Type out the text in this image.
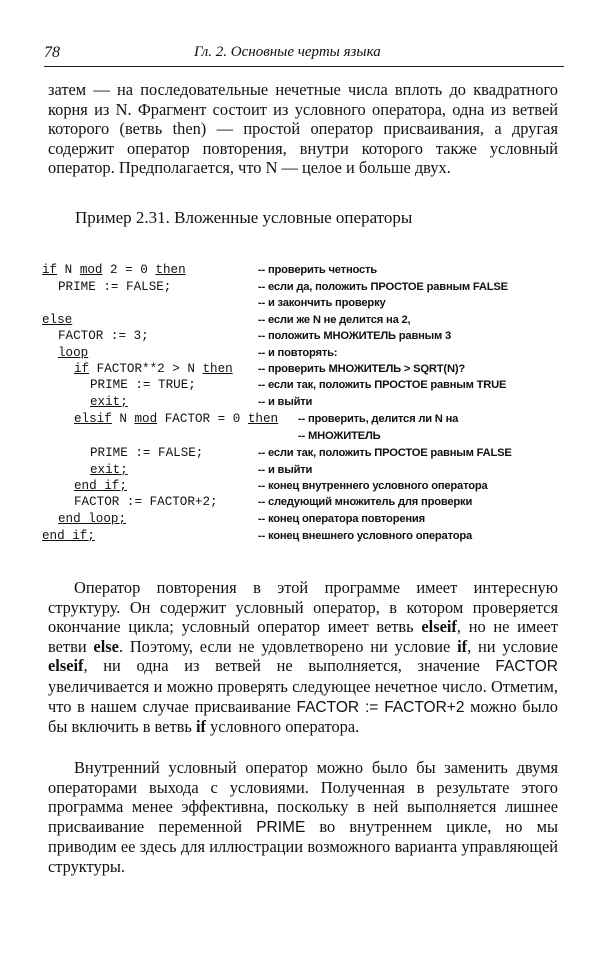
78	Гл. 2. Основные черты языка

затем — на последовательные нечетные числа вплоть до квадратного корня из N. Фрагмент состоит из условного оператора, одна из ветвей которого (ветвь then) — простой оператор присваивания, а другая содержит оператор повторения, внутри которого также условный оператор. Предполагается, что N — целое и больше двух.

Пример 2.31. Вложенные условные операторы
if N mod 2 = 0 then
PRIME := FALSE;
else
FACTOR := 3;
loop
if FACTOR**2 > N then
PRIME := TRUE;
exit;
elsif N mod FACTOR = 0 then
PRIME := FALSE;
exit;
end if;
FACTOR := FACTOR+2;
end loop;
end if;
-- проверить четность
-- если да, положить ПРОСТОЕ равным FALSE
-- и закончить проверку
-- если же N не делится на 2,
-- положить МНОЖИТЕЛЬ равным 3
-- и повторять:
-- проверить МНОЖИТЕЛЬ > SQRT(N)?
-- если так, положить ПРОСТОЕ равным TRUE
-- и выйти
-- проверить, делится ли N на
-- МНОЖИТЕЛЬ
-- если так, положить ПРОСТОЕ равным FALSE
-- и выйти
-- конец внутреннего условного оператора
-- следующий множитель для проверки
-- конец оператора повторения
-- конец внешнего условного оператора

Оператор повторения в этой программе имеет интересную структуру. Он содержит условный оператор, в котором проверяется окончание цикла; условный оператор имеет ветвь elseif, но не имеет ветви else. Поэтому, если не удовлетворено ни условие if, ни условие elseif, ни одна из ветвей не выполняется, значение FACTOR увеличивается и можно проверять следующее нечетное число. Отметим, что в нашем случае присваивание FACTOR := FACTOR+2 можно было бы включить в ветвь if условного оператора.

Внутренний условный оператор можно было бы заменить двумя операторами выхода с условиями. Полученная в результате этого программа менее эффективна, поскольку в ней выполняется лишнее присваивание переменной PRIME во внутреннем цикле, но мы приводим ее здесь для иллюстрации возможного варианта управляющей структуры.
